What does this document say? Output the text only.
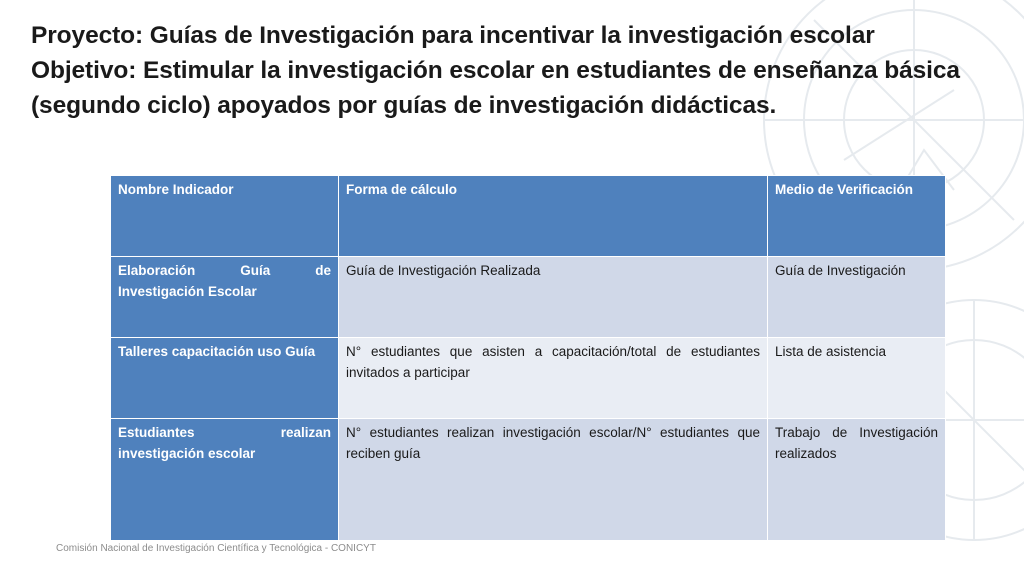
Proyecto: Guías de Investigación para incentivar la investigación escolar
Objetivo: Estimular la investigación escolar en estudiantes de enseñanza básica
(segundo ciclo) apoyados por guías de investigación didácticas.
Nombre Indicador	Forma de cálculo	Medio de Verificación
Elaboración Guía de Investigación Escolar	Guía de Investigación Realizada	Guía de Investigación
Talleres capacitación uso Guía	N° estudiantes que asisten a capacitación/total de estudiantes invitados a participar	Lista de asistencia
Estudiantes realizan investigación escolar	N° estudiantes realizan investigación escolar/N° estudiantes que reciben guía	Trabajo de Investigación realizados
Comisión Nacional de Investigación Científica y Tecnológica - CONICYT
